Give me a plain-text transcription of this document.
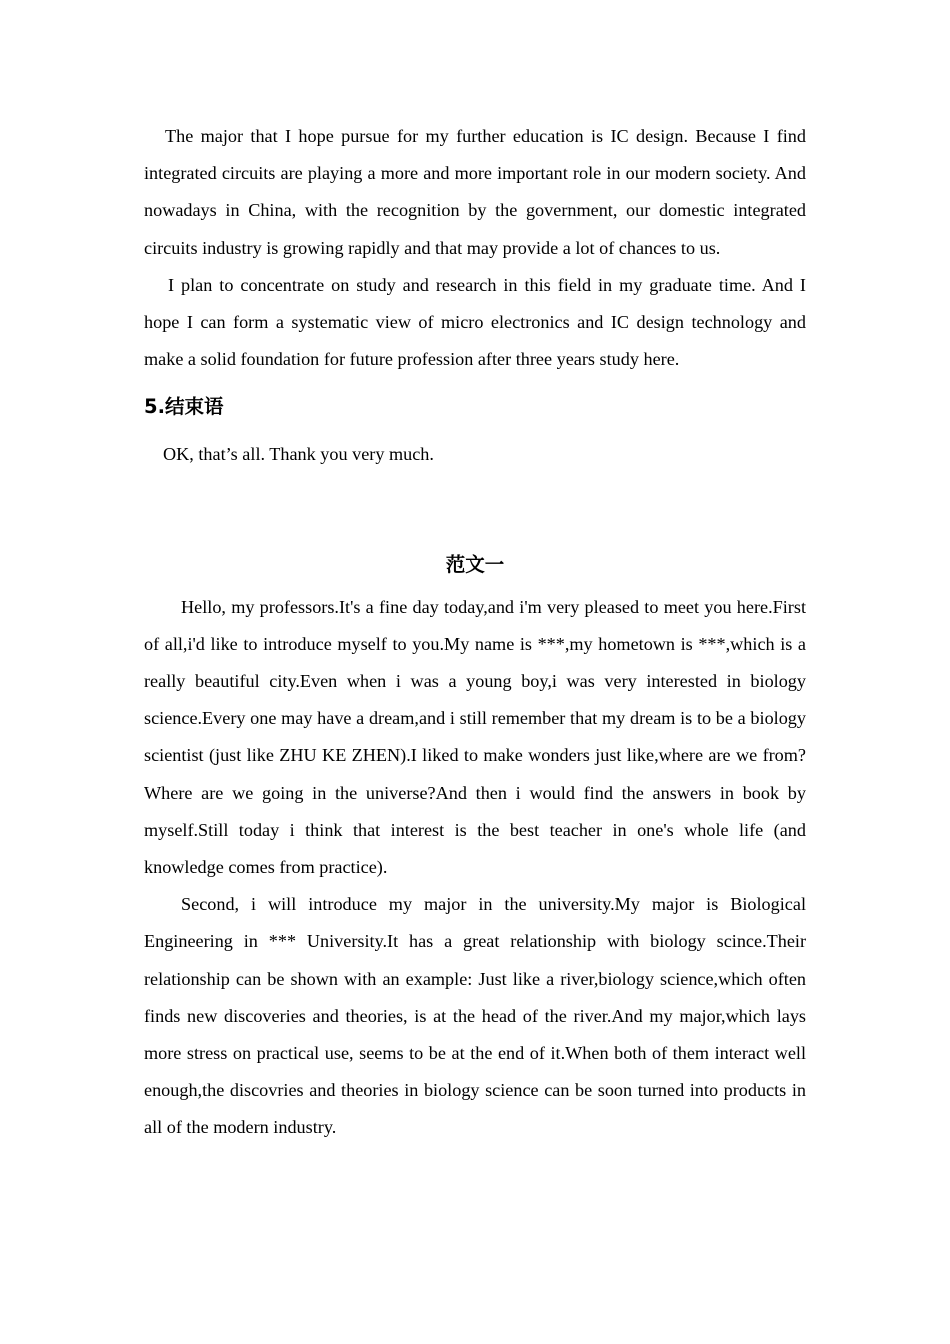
The major that I hope pursue for my further education is IC design. Because I find integrated circuits are playing a more and more important role in our modern society. And nowadays in China, with the recognition by the government, our domestic integrated circuits industry is growing rapidly and that may provide a lot of chances to us.

I plan to concentrate on study and research in this field in my graduate time. And I hope I can form a systematic view of micro electronics and IC design technology and make a solid foundation for future profession after three years study here.

5.结束语

OK, that’s all. Thank you very much.

范文一

Hello, my professors.It's a fine day today,and i'm very pleased to meet you here.First of all,i'd like to introduce myself to you.My name is ***,my hometown is ***,which is a really beautiful city.Even when i was a young boy,i was very interested in biology science.Every one may have a dream,and i still remember that my dream is to be a biology scientist (just like ZHU KE ZHEN).I liked to make wonders just like,where are we from?Where are we going in the universe?And then i would find the answers in book by myself.Still today i think that interest is the best teacher in one's whole life (and knowledge comes from practice).

Second, i will introduce my major in the university.My major is Biological Engineering in *** University.It has a great relationship with biology scince.Their relationship can be shown with an example: Just like a river,biology science,which often finds new discoveries and theories, is at the head of the river.And my major,which lays more stress on practical use, seems to be at the end of it.When both of them interact well enough,the discovries and theories in biology science can be soon turned into products in all of the modern industry.
